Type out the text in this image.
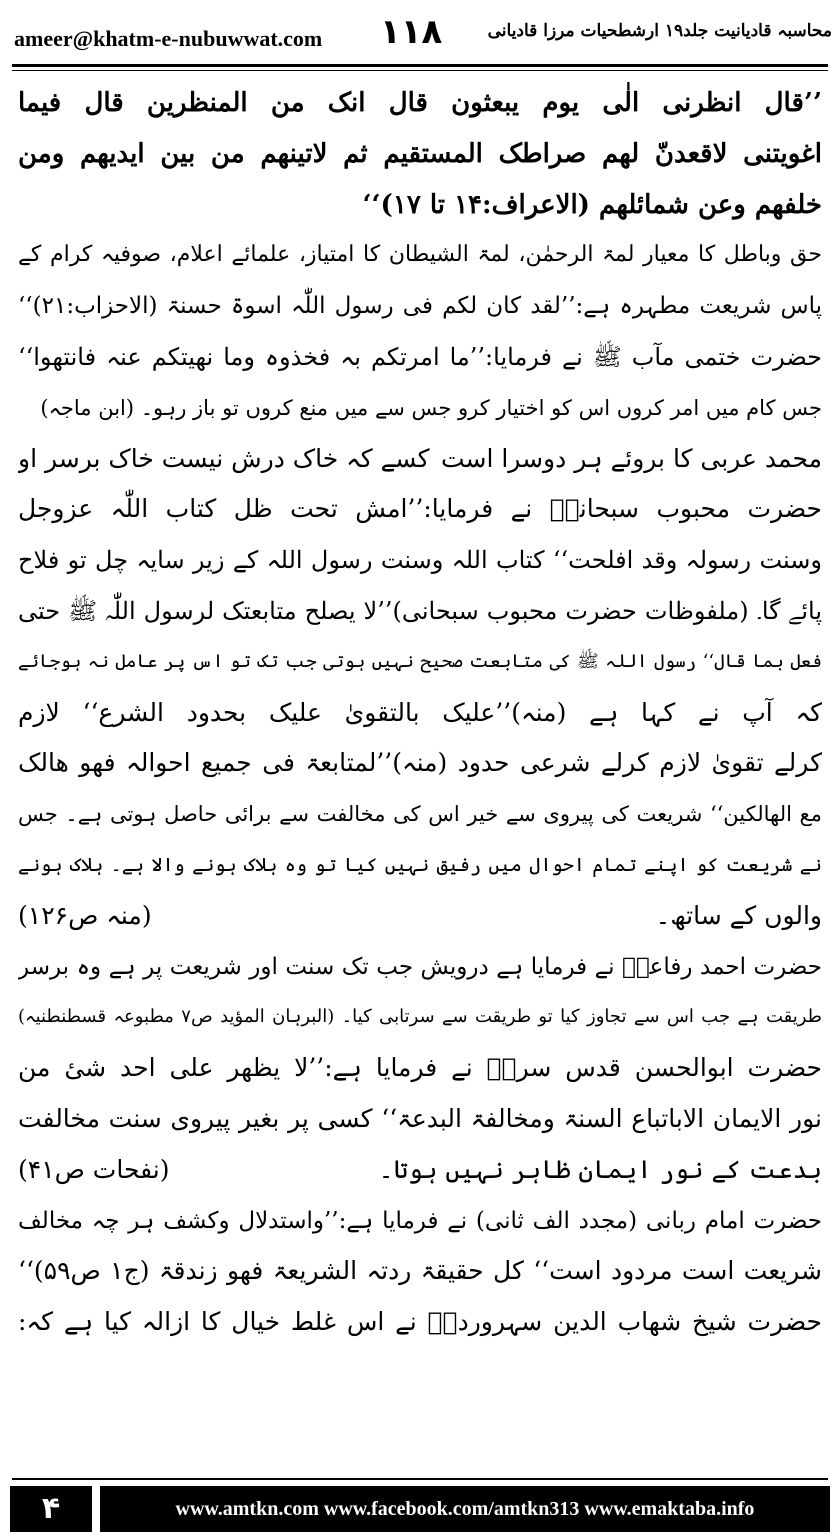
ameer@khatm-e-nubuwwat.com ۱۱۸	محاسبہ قادیانیت جلد۱۹ ارشطحیات مرزا قادیانی
’’قال انظرنی الٰی یوم یبعثون قال انک من المنظرین قال فیما
اغویتنی لاقعدنّ لهم صراطک المستقیم ثم لاتینهم من بین ایدیهم ومن
خلفهم وعن شمائلهم (الاعراف:۱۴ تا ۱۷)‘‘
حق وباطل کا معیار لمۃ الرحمٰن، لمۃ الشیطان کا امتیاز، علمائے اعلام، صوفیہ کرام کے
پاس شریعت مطہرہ ہے:’’لقد کان لکم فی رسول اللّٰہ اسوۃ حسنۃ (الاحزاب:۲۱)‘‘
حضرت ختمی مآب ﷺ نے فرمایا:’’ما امرتکم بہ فخذوہ وما نهیتکم عنہ فانتهوا‘‘
جس کام میں امر کروں اس کو اختیار کرو جس سے میں منع کروں تو باز رہو۔ (ابن ماجہ)
محمد عربی کا بروئے ہر دوسرا است
کسے کہ خاک درش نیست خاک برسر او
حضرت محبوب سبحانیؒ نے فرمایا:’’امش تحت ظل کتاب اللّٰہ عزوجل
وسنت رسولہ وقد افلحت‘‘ کتاب اللہ وسنت رسول اللہ کے زیر سایہ چل تو فلاح
پائے گا۔ (ملفوظات حضرت محبوب سبحانی)’’لا یصلح متابعتک لرسول اللّٰہ ﷺ حتی
فعل بما قال‘‘ رسول اللہ ﷺ کی متابعت صحیح نہیں ہوتی جب تک تو اس پر عامل نہ ہوجائے
کہ آپ نے کہا ہے (منہ)’’علیک بالتقویٰ علیک بحدود الشرع‘‘ لازم
کرلے تقویٰ لازم کرلے شرعی حدود (منہ)’’لمتابعۃ فی جمیع احوالہ فهو هالک
مع الهالکین‘‘ شریعت کی پیروی سے خیر اس کی مخالفت سے برائی حاصل ہوتی ہے۔ جس
نے شریعت کو اپنے تمام احوال میں رفیق نہیں کیا تو وہ ہلاک ہونے والا ہے۔ ہلاک ہونے
والوں کے ساتھ۔
(منہ ص۱۲۶)
حضرت احمد رفاعیؒ نے فرمایا ہے درویش جب تک سنت اور شریعت پر ہے وہ برسر
طریقت ہے جب اس سے تجاوز کیا تو طریقت سے سرتابی کیا۔ (البرہان المؤید ص۷ مطبوعہ قسطنطنیہ)
حضرت ابوالحسن قدس سرہٗ نے فرمایا ہے:’’لا یظهر علی احد شیٔ من
نور الایمان الاباتباع السنۃ ومخالفۃ البدعۃ‘‘ کسی پر بغیر پیروی سنت مخالفت
بدعت کے نور ایمان ظاہر نہیں ہوتا۔
(نفحات ص۴۱)
حضرت امام ربانی (مجدد الف ثانی) نے فرمایا ہے:’’واستدلال وکشف ہر چہ مخالف
شریعت است مردود است‘‘ کل حقیقۃ ردتہ الشریعۃ فهو زندقۃ (ج۱ ص۵۹)‘‘
حضرت شیخ شهاب الدین سہروردیؒ نے اس غلط خیال کا ازالہ کیا ہے کہ:
۴	www.amtkn.com www.facebook.com/amtkn313 www.emaktaba.info
